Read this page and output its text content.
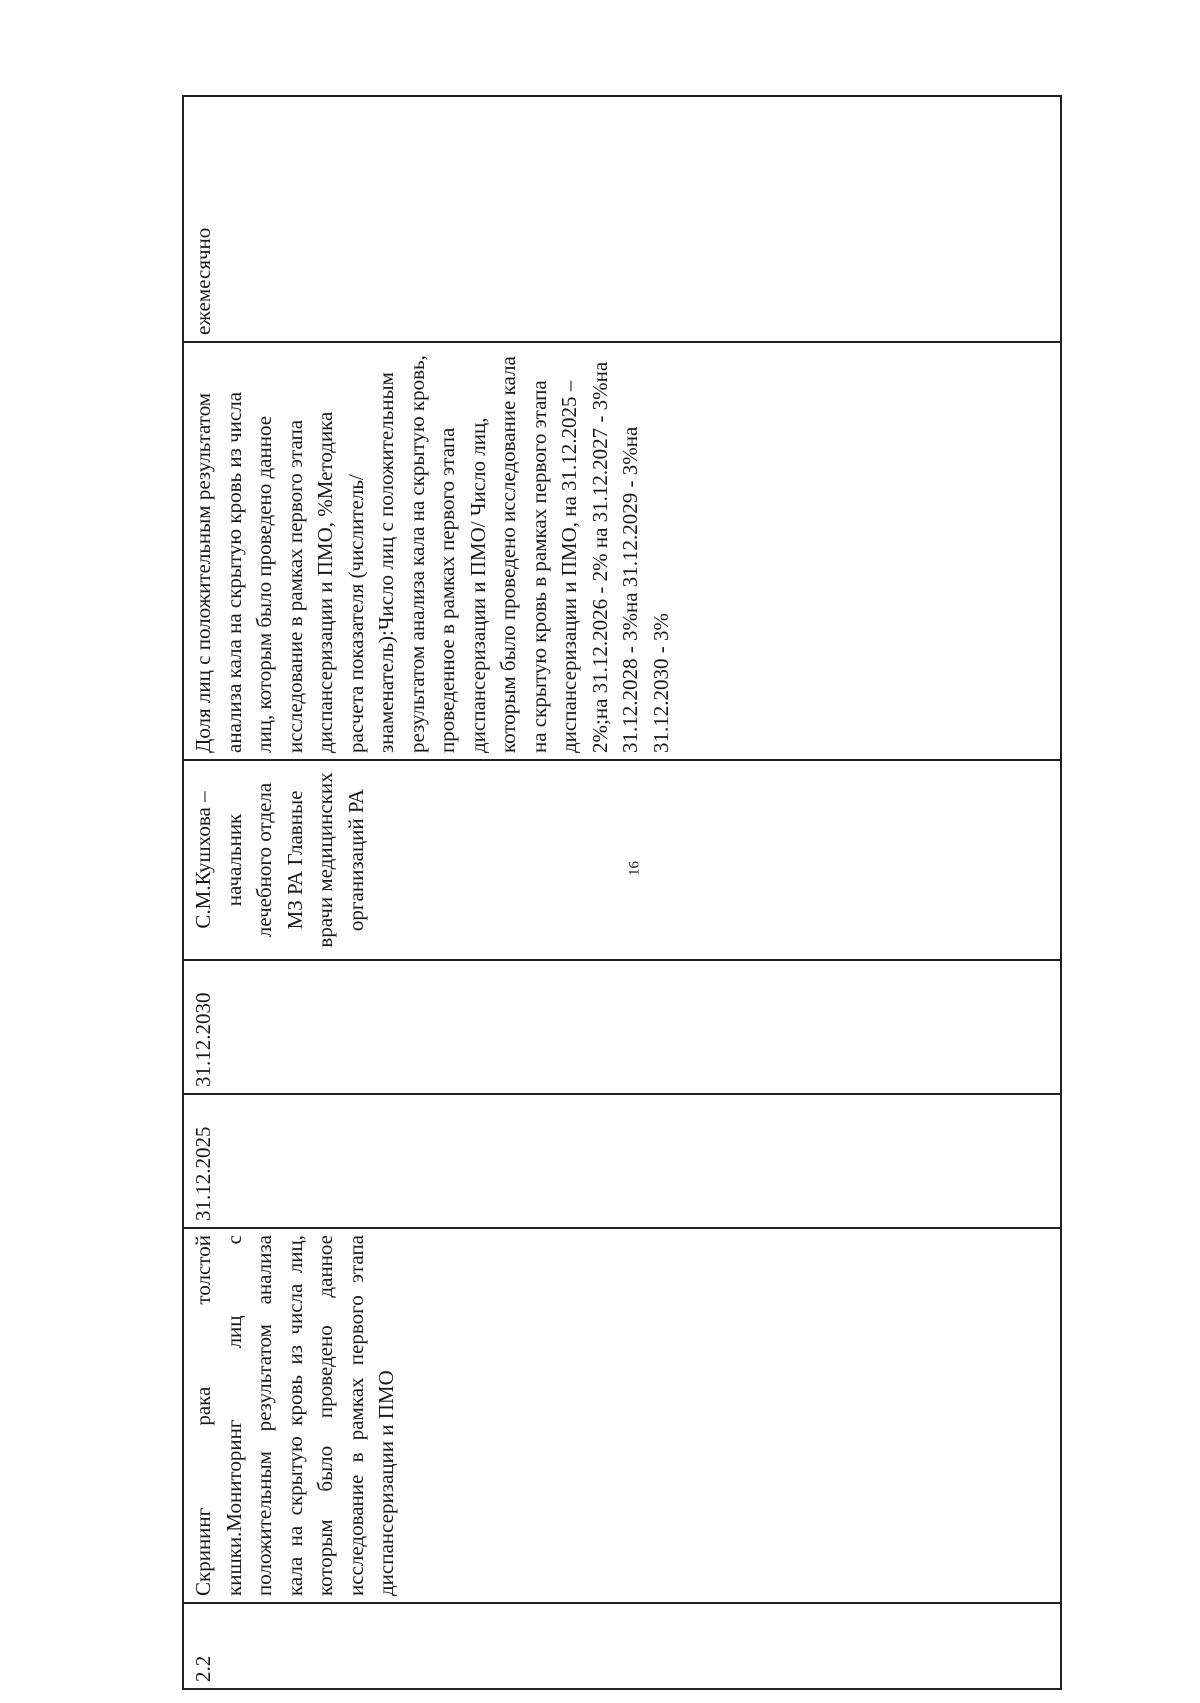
2.2	Скрининг рака толстой кишки.Мониторинг лиц с положительным результатом анализа кала на скрытую кровь из числа лиц, которым было проведено данное исследование в рамках первого этапа диспансеризации и ПМО	31.12.2025	31.12.2030	С.М.Кушхова – начальник лечебного отдела МЗ РА Главные врачи медицинских организаций РА	Доля лиц с положительным результатом анализа кала на скрытую кровь из числа лиц, которым было проведено данное исследование в рамках первого этапа диспансеризации и ПМО, %Методика расчета показателя (числитель/знаменатель):Число лиц с положительным результатом анализа кала на скрытую кровь, проведенное в рамках первого этапа диспансеризации и ПМО/ Число лиц, которым было проведено исследование кала на скрытую кровь в рамках первого этапа диспансеризации и ПМО, на 31.12.2025 – 2%;на 31.12.2026 - 2% на 31.12.2027 - 3%на 31.12.2028 - 3%на 31.12.2029 - 3%на 31.12.2030 - 3%	ежемесячно
16
